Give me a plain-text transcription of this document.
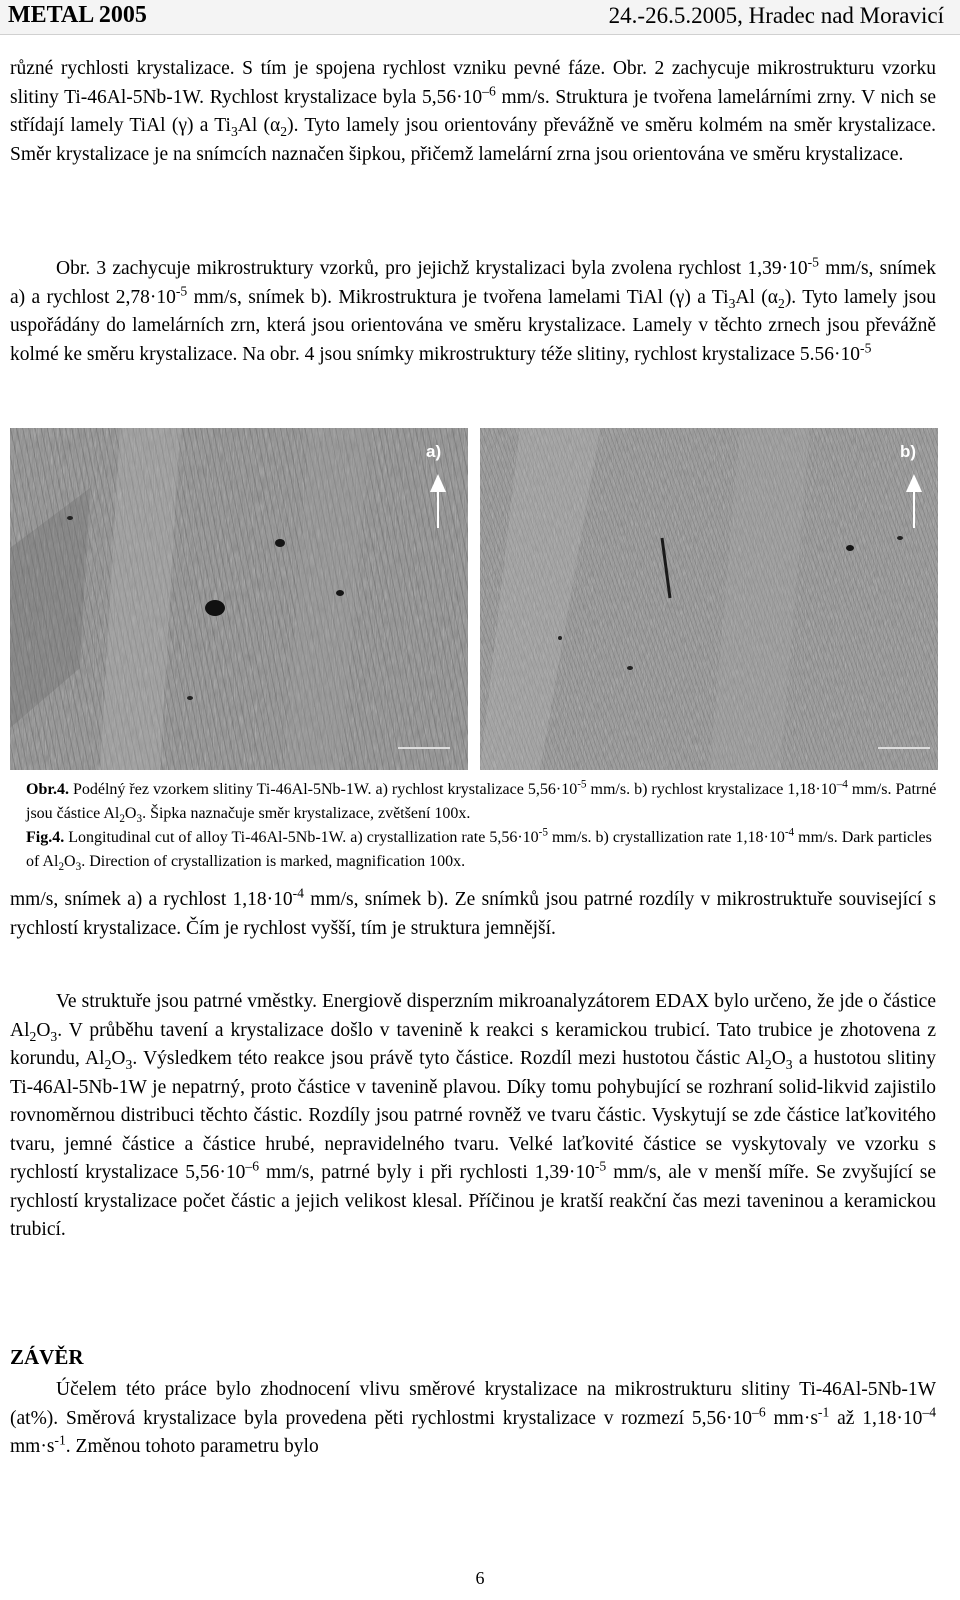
METAL 2005	24.-26.5.2005, Hradec nad Moravicí

různé rychlosti krystalizace. S tím je spojena rychlost vzniku pevné fáze. Obr. 2 zachycuje mikrostrukturu vzorku slitiny Ti-46Al-5Nb-1W. Rychlost krystalizace byla $5,56\cdot 10^{-6}$ mm/s. Struktura je tvořena lamelárními zrny. V nich se střídají lamely TiAl (γ) a $Ti_3Al$ $(\alpha_2)$. Tyto lamely jsou orientovány převážně ve směru kolmém na směr krystalizace. Směr krystalizace je na snímcích naznačen šipkou, přičemž lamelární zrna jsou orientována ve směru krystalizace.

Obr. 3 zachycuje mikrostruktury vzorků, pro jejichž krystalizaci byla zvolena rychlost $1,39\cdot 10^{-5}$ mm/s, snímek a) a rychlost $2,78\cdot 10^{-5}$ mm/s, snímek b). Mikrostruktura je tvořena lamelami TiAl (γ) a $Ti_3Al$ $(\alpha_2)$. Tyto lamely jsou uspořádány do lamelárních zrn, která jsou orientována ve směru krystalizace. Lamely v těchto zrnech jsou převážně kolmé ke směru krystalizace. Na obr. 4 jsou snímky mikrostruktury téže slitiny, rychlost krystalizace $5.56\cdot 10^{-5}$

a)	b)
Obr.4. Podélný řez vzorkem slitiny Ti-46Al-5Nb-1W. a) rychlost krystalizace $5,56\cdot 10^{-5}$ mm/s. b) rychlost krystalizace $1,18\cdot 10^{-4}$ mm/s. Patrné jsou částice $Al_2O_3$. Šipka naznačuje směr krystalizace, zvětšení 100x.
Fig.4. Longitudinal cut of alloy Ti-46Al-5Nb-1W. a) crystallization rate $5,56\cdot 10^{-5}$ mm/s. b) crystallization rate $1,18\cdot 10^{-4}$ mm/s. Dark particles of $Al_2O_3$. Direction of crystallization is marked, magnification 100x.

mm/s, snímek a) a rychlost $1,18\cdot 10^{-4}$ mm/s, snímek b). Ze snímků jsou patrné rozdíly v mikrostruktuře související s rychlostí krystalizace. Čím je rychlost vyšší, tím je struktura jemnější.

Ve struktuře jsou patrné vměstky. Energiově disperzním mikroanalyzátorem EDAX bylo určeno, že jde o částice $Al_2O_3$. V průběhu tavení a krystalizace došlo v tavenině k reakci s keramickou trubicí. Tato trubice je zhotovena z korundu, $Al_2O_3$. Výsledkem této reakce jsou právě tyto částice. Rozdíl mezi hustotou částic $Al_2O_3$ a hustotou slitiny Ti-46Al-5Nb-1W je nepatrný, proto částice v tavenině plavou. Díky tomu pohybující se rozhraní solid-likvid zajistilo rovnoměrnou distribuci těchto částic. Rozdíly jsou patrné rovněž ve tvaru částic. Vyskytují se zde částice laťkovitého tvaru, jemné částice a částice hrubé, nepravidelného tvaru. Velké laťkovité částice se vyskytovaly ve vzorku s rychlostí krystalizace $5,56\cdot 10^{-6}$ mm/s, patrné byly i při rychlosti $1,39\cdot 10^{-5}$ mm/s, ale v menší míře. Se zvyšující se rychlostí krystalizace počet částic a jejich velikost klesal. Příčinou je kratší reakční čas mezi taveninou a keramickou trubicí.

ZÁVĚR

Účelem této práce bylo zhodnocení vlivu směrové krystalizace na mikrostrukturu slitiny Ti-46Al-5Nb-1W (at%). Směrová krystalizace byla provedena pěti rychlostmi krystalizace v rozmezí $5,56\cdot 10^{-6}$ $mm\cdot s^{-1}$ až $1,18\cdot 10^{-4}$ $mm\cdot s^{-1}$. Změnou tohoto parametru bylo

6
